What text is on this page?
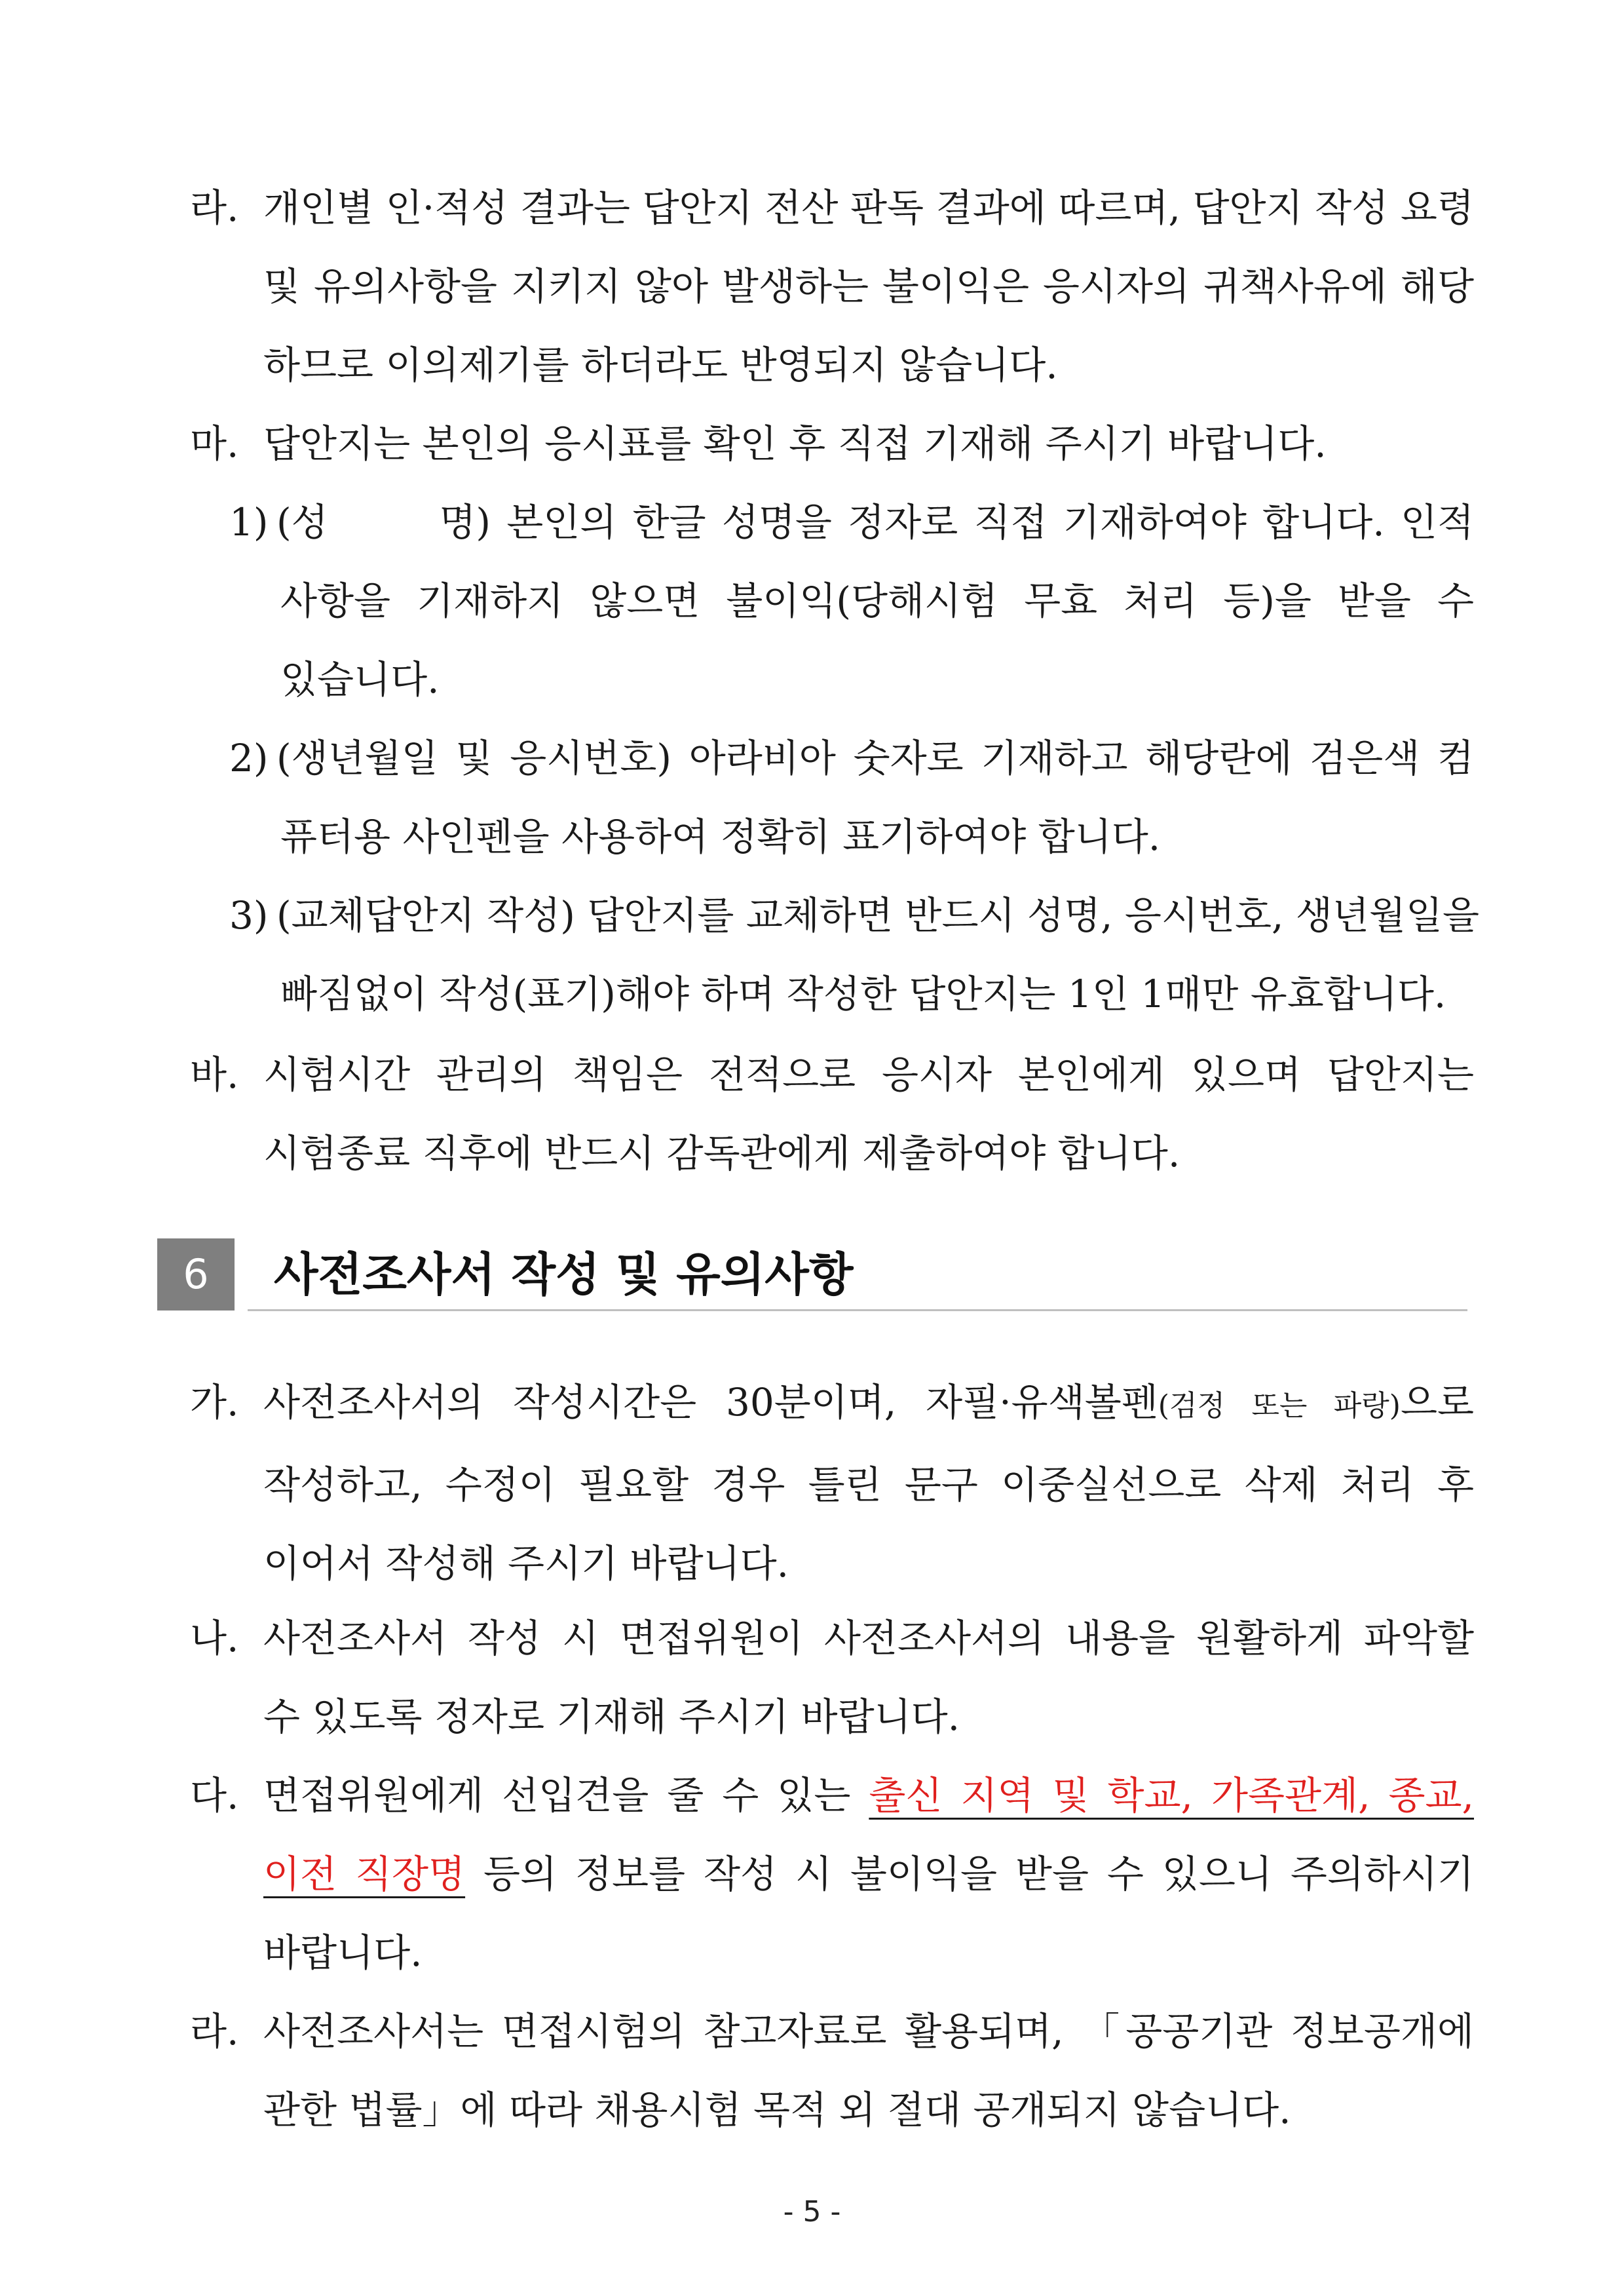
라. 개인별 인·적성 결과는 답안지 전산 판독 결과에 따르며, 답안지 작성 요령
및 유의사항을 지키지 않아 발생하는 불이익은 응시자의 귀책사유에 해당
하므로 이의제기를 하더라도 반영되지 않습니다.
마. 답안지는 본인의 응시표를 확인 후 직접 기재해 주시기 바랍니다.
1) (성       명) 본인의 한글 성명을 정자로 직접 기재하여야 합니다. 인적
사항을 기재하지 않으면 불이익(당해시험 무효 처리 등)을 받을 수
있습니다.
2) (생년월일 및 응시번호) 아라비아 숫자로 기재하고 해당란에 검은색 컴
퓨터용 사인펜을 사용하여 정확히 표기하여야 합니다.
3) (교체답안지 작성) 답안지를 교체하면 반드시 성명, 응시번호, 생년월일을
빠짐없이 작성(표기)해야 하며 작성한 답안지는 1인 1매만 유효합니다.
바. 시험시간 관리의 책임은 전적으로 응시자 본인에게 있으며 답안지는
시험종료 직후에 반드시 감독관에게 제출하여야 합니다.
6	사전조사서 작성 및 유의사항
가. 사전조사서의 작성시간은 30분이며, 자필·유색볼펜(검정 또는 파랑)으로
작성하고, 수정이 필요할 경우 틀린 문구 이중실선으로 삭제 처리 후
이어서 작성해 주시기 바랍니다.
나. 사전조사서 작성 시 면접위원이 사전조사서의 내용을 원활하게 파악할
수 있도록 정자로 기재해 주시기 바랍니다.
다. 면접위원에게 선입견을 줄 수 있는 출신 지역 및 학교, 가족관계, 종교,
이전 직장명 등의 정보를 작성 시 불이익을 받을 수 있으니 주의하시기
바랍니다.
라. 사전조사서는 면접시험의 참고자료로 활용되며, 「공공기관 정보공개에
관한 법률」에 따라 채용시험 목적 외 절대 공개되지 않습니다.
- 5 -
